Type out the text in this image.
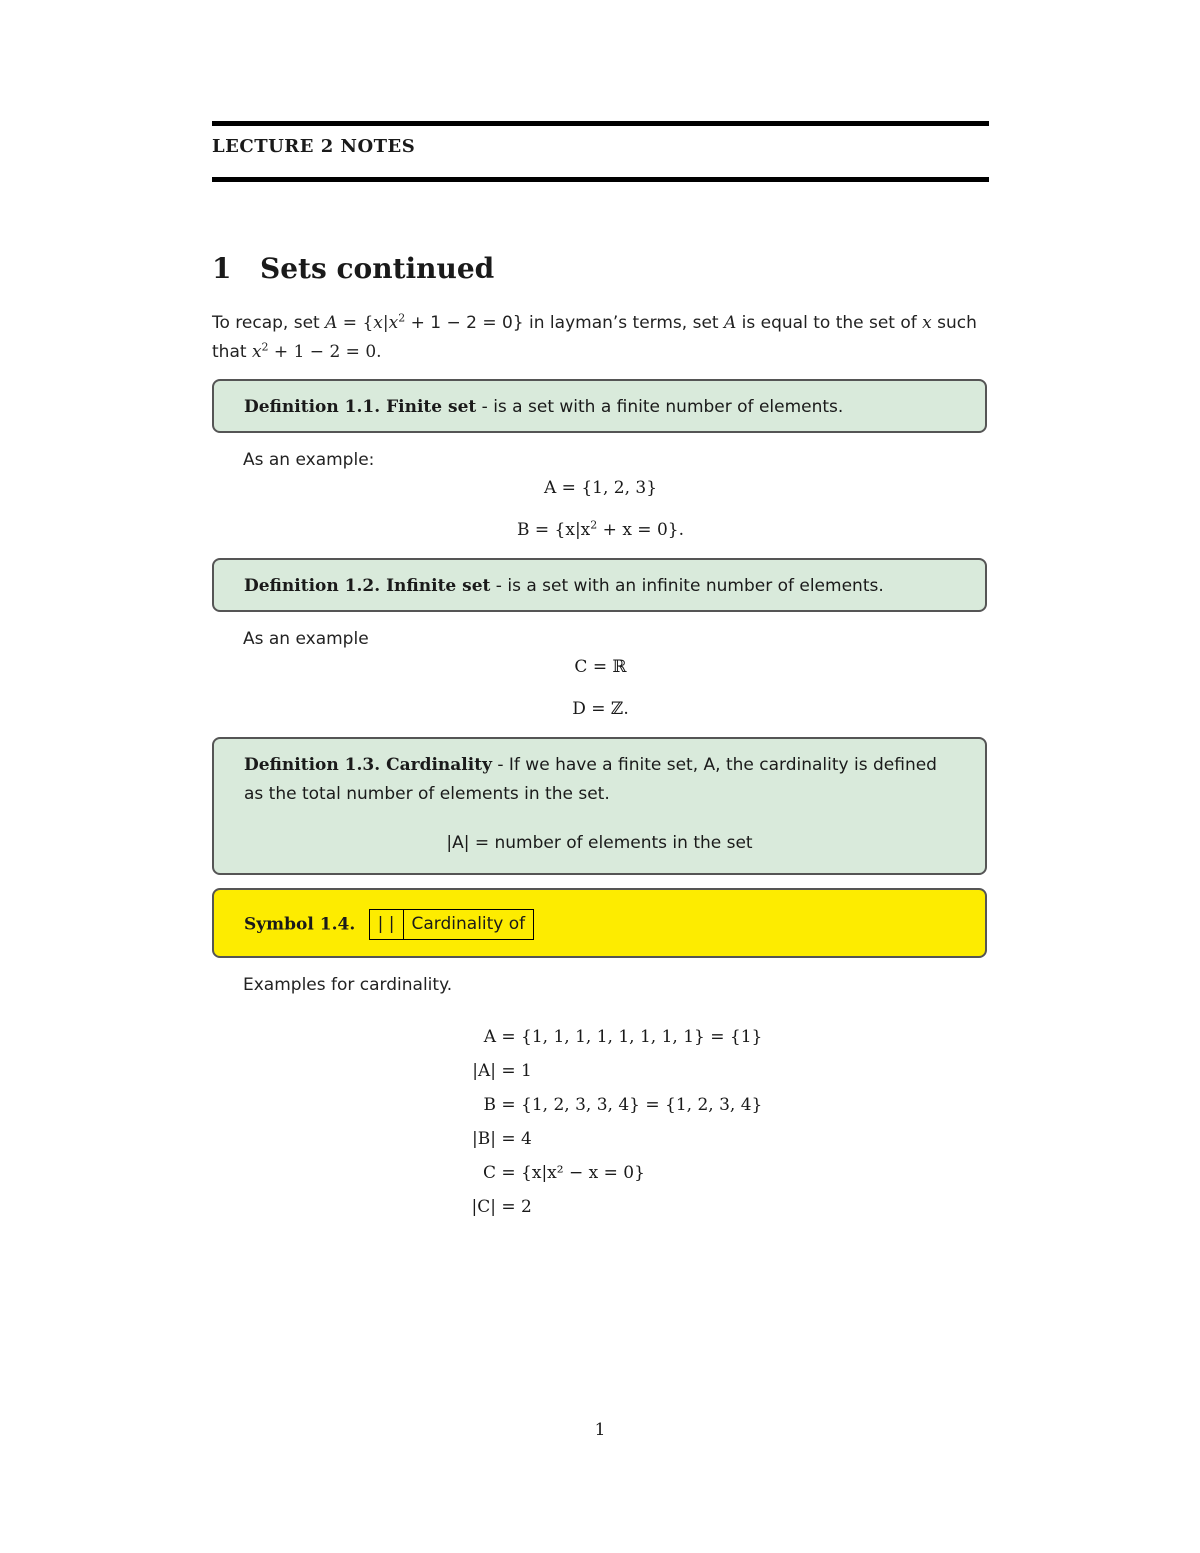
LECTURE 2 NOTES
1 Sets continued
To recap, set $A = \{x|x^2 + 1 - 2 = 0\}$ in layman’s terms, set A is equal to the set of x such
that $x^2 + 1 - 2 = 0$.
Definition 1.1. Finite set - is a set with a finite number of elements.
As an example:
A = {1, 2, 3}
$B = \{x|x^2 + x = 0\}$.
Definition 1.2. Infinite set - is a set with an infinite number of elements.
As an example
C = ℝ
D = ℤ.
Definition 1.3. Cardinality - If we have a finite set, A, the cardinality is defined as the total number of elements in the set.
|A| = number of elements in the set
Symbol 1.4. | |	Cardinality of
Examples for cardinality.
A = {1, 1, 1, 1, 1, 1, 1, 1} = {1}
|A| = 1
B = {1, 2, 3, 3, 4} = {1, 2, 3, 4}
|B| = 4
C = {x|x² − x = 0}
|C| = 2
1
